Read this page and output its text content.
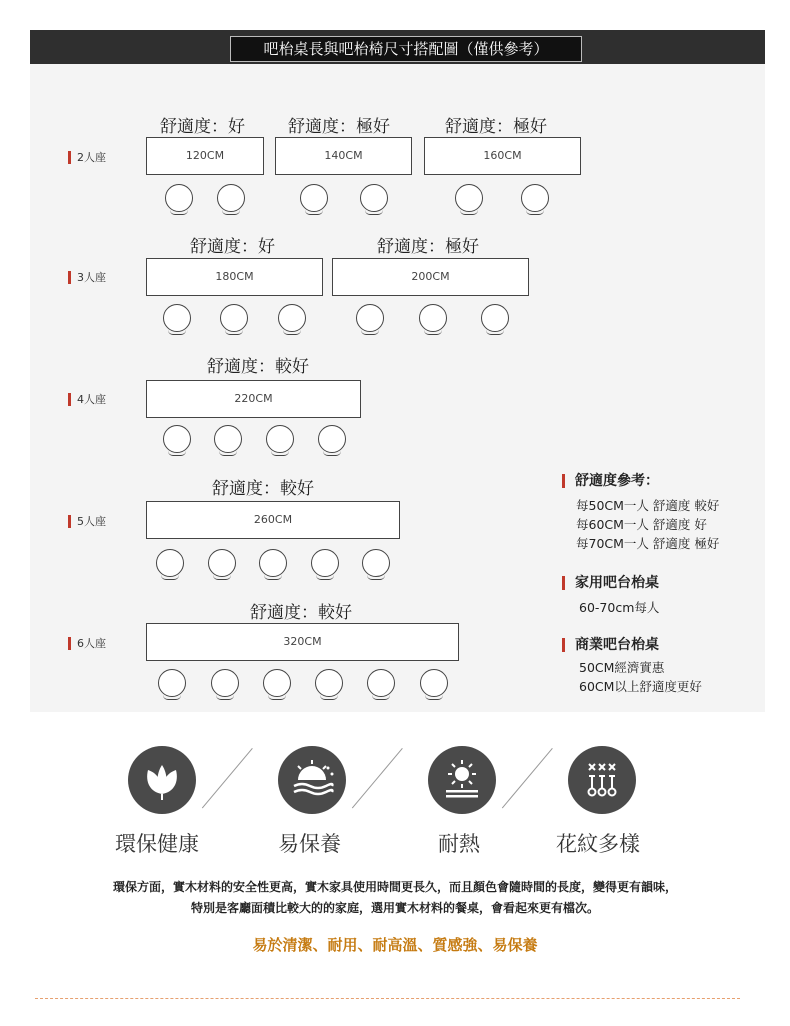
吧枱桌長與吧枱椅尺寸搭配圖（僅供參考）
2人座
舒適度：好	舒適度：極好	舒適度：極好
120CM	140CM	160CM
3人座
舒適度：好	舒適度：極好
180CM	200CM
4人座
舒適度：較好
220CM
5人座
舒適度：較好
260CM
6人座
舒適度：較好
320CM
舒適度參考：
每50CM一人 舒適度 較好
每60CM一人 舒適度 好
每70CM一人 舒適度 極好
家用吧台枱桌
60-70cm每人
商業吧台枱桌
50CM經濟實惠
60CM以上舒適度更好
環保健康	易保養	耐熱	花紋多樣
環保方面，實木材料的安全性更高，實木家具使用時間更長久，而且顏色會隨時間的長度，變得更有韻味，
特別是客廳面積比較大的的家庭，選用實木材料的餐桌，會看起來更有檔次。
易於清潔、耐用、耐高溫、質感強、易保養
